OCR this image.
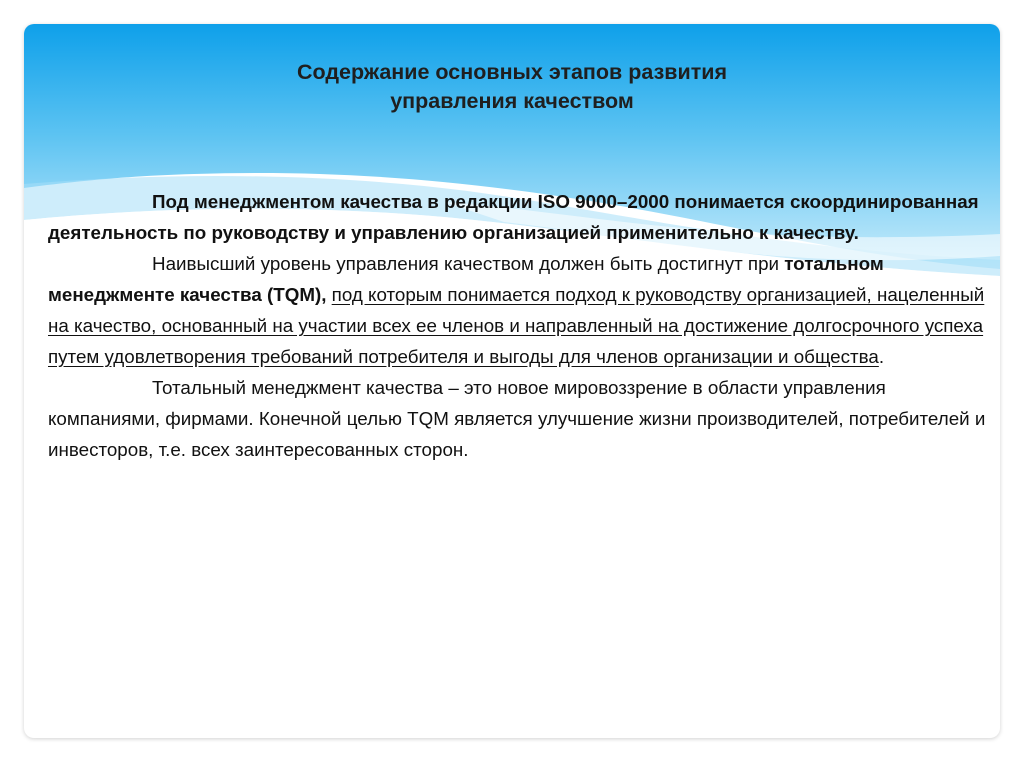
Содержание основных этапов развития
управления качеством

Под менеджментом качества в редакции ISO 9000–2000 понимается скоординированная деятельность по руководству и управлению организацией применительно к качеству.

Наивысший уровень управления качеством должен быть достигнут при тотальном менеджменте качества (TQM), под которым понимается подход к руководству организацией, нацеленный на качество, основанный на участии всех ее членов и направленный на достижение долгосрочного успеха путем удовлетворения требований потребителя и выгоды для членов организации и общества.

Тотальный менеджмент качества – это новое мировоззрение в области управления компаниями, фирмами. Конечной целью TQM является улучшение жизни производителей, потребителей и инвесторов, т.е. всех заинтересованных сторон.
